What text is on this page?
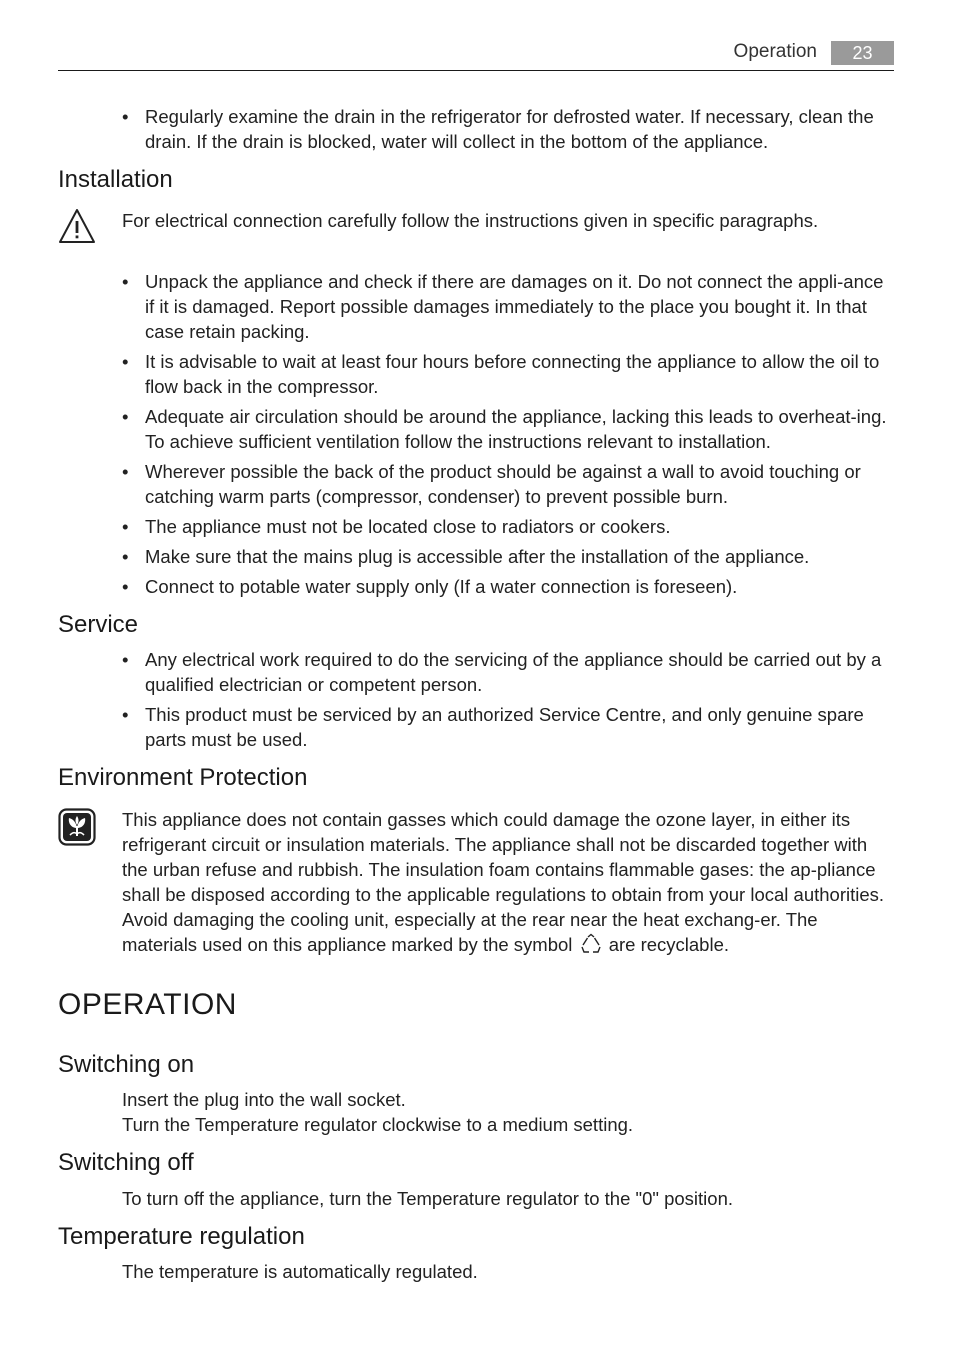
Operation	23
• Regularly examine the drain in the refrigerator for defrosted water. If necessary, clean the drain. If the drain is blocked, water will collect in the bottom of the appliance.
Installation
For electrical connection carefully follow the instructions given in specific paragraphs.
• Unpack the appliance and check if there are damages on it. Do not connect the appli-ance if it is damaged. Report possible damages immediately to the place you bought it. In that case retain packing.
• It is advisable to wait at least four hours before connecting the appliance to allow the oil to flow back in the compressor.
• Adequate air circulation should be around the appliance, lacking this leads to overheat-ing. To achieve sufficient ventilation follow the instructions relevant to installation.
• Wherever possible the back of the product should be against a wall to avoid touching or catching warm parts (compressor, condenser) to prevent possible burn.
• The appliance must not be located close to radiators or cookers.
• Make sure that the mains plug is accessible after the installation of the appliance.
• Connect to potable water supply only (If a water connection is foreseen).
Service
• Any electrical work required to do the servicing of the appliance should be carried out by a qualified electrician or competent person.
• This product must be serviced by an authorized Service Centre, and only genuine spare parts must be used.
Environment Protection
This appliance does not contain gasses which could damage the ozone layer, in either its refrigerant circuit or insulation materials. The appliance shall not be discarded together with the urban refuse and rubbish. The insulation foam contains flammable gases: the ap-pliance shall be disposed according to the applicable regulations to obtain from your local authorities. Avoid damaging the cooling unit, especially at the rear near the heat exchang-er. The materials used on this appliance marked by the symbol are recyclable.
OPERATION
Switching on
Insert the plug into the wall socket.
Turn the Temperature regulator clockwise to a medium setting.
Switching off
To turn off the appliance, turn the Temperature regulator to the "0" position.
Temperature regulation
The temperature is automatically regulated.
